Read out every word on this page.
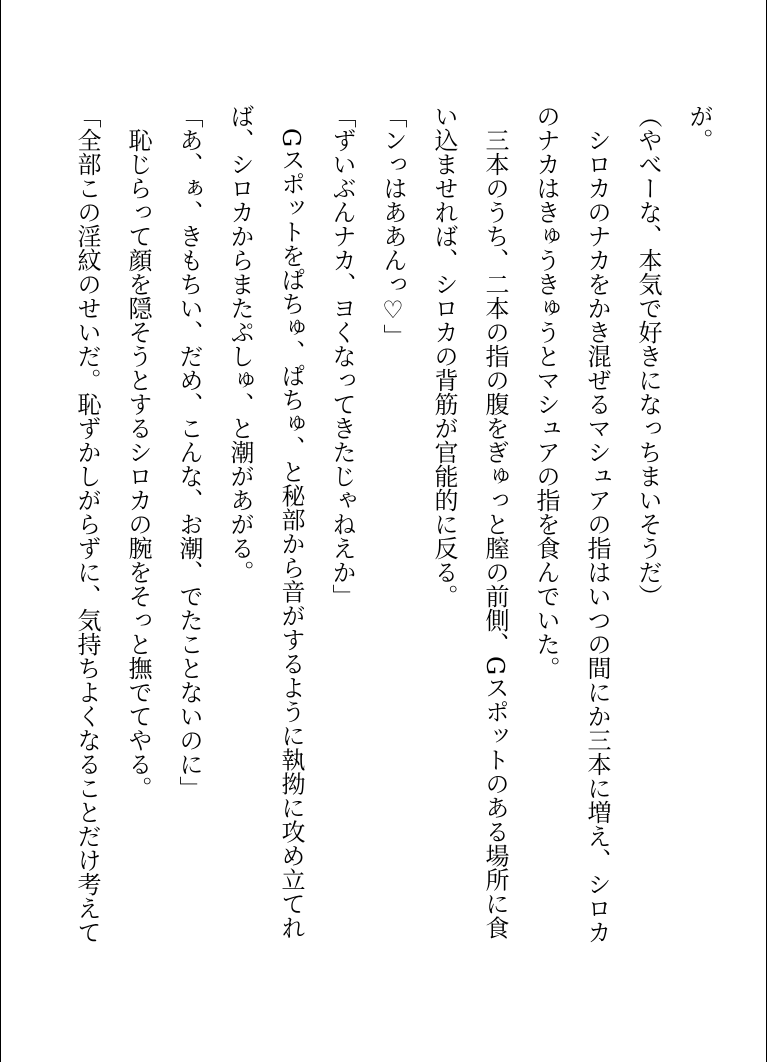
が。
（やべーな、本気で好きになっちまいそうだ）
シロカのナカをかき混ぜるマシュアの指はいつの間にか三本に増え、シロカ
のナカはきゅうきゅうとマシュアの指を食んでいた。
三本のうち、二本の指の腹をぎゅっと膣の前側、Gスポットのある場所に食
い込ませれば、シロカの背筋が官能的に反る。
「ンっはああんっ♡」
「ずいぶんナカ、ヨくなってきたじゃねえか」
Gスポットをぱちゅ、ぱちゅ、と秘部から音がするように執拗に攻め立てれ
ば、シロカからまたぷしゅ、と潮があがる。
「あ、ぁ、きもちい、だめ、こんな、お潮、でたことないのに」
恥じらって顔を隠そうとするシロカの腕をそっと撫でてやる。
「全部この淫紋のせいだ。恥ずかしがらずに、気持ちよくなることだけ考えて
